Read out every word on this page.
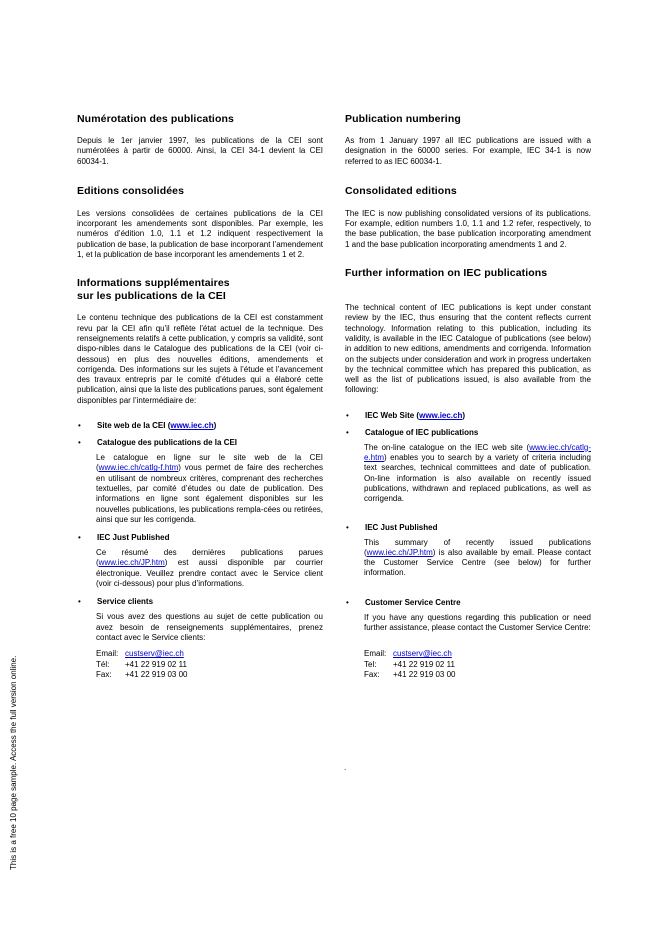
Numérotation des publications

Depuis le 1er janvier 1997, les publications de la CEI sont numérotées à partir de 60000. Ainsi, la CEI 34-1 devient la CEI 60034-1.

Editions consolidées

Les versions consolidées de certaines publications de la CEI incorporant les amendements sont disponibles. Par exemple, les numéros d’édition 1.0, 1.1 et 1.2 indiquent respectivement la publication de base, la publication de base incorporant l’amendement 1, et la publication de base incorporant les amendements 1 et 2.

Informations supplémentaires
sur les publications de la CEI

Le contenu technique des publications de la CEI est constamment revu par la CEI afin qu'il reflète l'état actuel de la technique. Des renseignements relatifs à cette publication, y compris sa validité, sont dispo-nibles dans le Catalogue des publications de la CEI (voir ci-dessous) en plus des nouvelles éditions, amendements et corrigenda. Des informations sur les sujets à l’étude et l’avancement des travaux entrepris par le comité d’études qui a élaboré cette publication, ainsi que la liste des publications parues, sont également disponibles par l’intermédiaire de:

• Site web de la CEI (www.iec.ch)
• Catalogue des publications de la CEI

Le catalogue en ligne sur le site web de la CEI (www.iec.ch/catlg-f.htm) vous permet de faire des recherches en utilisant de nombreux critères, comprenant des recherches textuelles, par comité d’études ou date de publication. Des informations en ligne sont également disponibles sur les nouvelles publications, les publications rempla-cées ou retirées, ainsi que sur les corrigenda.

• IEC Just Published

Ce résumé des dernières publications parues (www.iec.ch/JP.htm) est aussi disponible par courrier électronique. Veuillez prendre contact avec le Service client (voir ci-dessous) pour plus d’informations.

• Service clients

Si vous avez des questions au sujet de cette publication ou avez besoin de renseignements supplémentaires, prenez contact avec le Service clients:

Email: custserv@iec.ch
Tél: +41 22 919 02 11
Fax: +41 22 919 03 00
Publication numbering

As from 1 January 1997 all IEC publications are issued with a designation in the 60000 series. For example, IEC 34-1 is now referred to as IEC 60034-1.

Consolidated editions

The IEC is now publishing consolidated versions of its publications. For example, edition numbers 1.0, 1.1 and 1.2 refer, respectively, to the base publication, the base publication incorporating amendment 1 and the base publication incorporating amendments 1 and 2.

Further information on IEC publications

The technical content of IEC publications is kept under constant review by the IEC, thus ensuring that the content reflects current technology. Information relating to this publication, including its validity, is available in the IEC Catalogue of publications (see below) in addition to new editions, amendments and corrigenda. Information on the subjects under consideration and work in progress undertaken by the technical committee which has prepared this publication, as well as the list of publications issued, is also available from the following:

• IEC Web Site (www.iec.ch)
• Catalogue of IEC publications

The on-line catalogue on the IEC web site (www.iec.ch/catlg-e.htm) enables you to search by a variety of criteria including text searches, technical committees and date of publication. On-line information is also available on recently issued publications, withdrawn and replaced publications, as well as corrigenda.

• IEC Just Published

This summary of recently issued publications (www.iec.ch/JP.htm) is also available by email. Please contact the Customer Service Centre (see below) for further information.

• Customer Service Centre

If you have any questions regarding this publication or need further assistance, please contact the Customer Service Centre:

Email: custserv@iec.ch
Tel: +41 22 919 02 11
Fax: +41 22 919 03 00
.
This is a free 10 page sample. Access the full version online.
